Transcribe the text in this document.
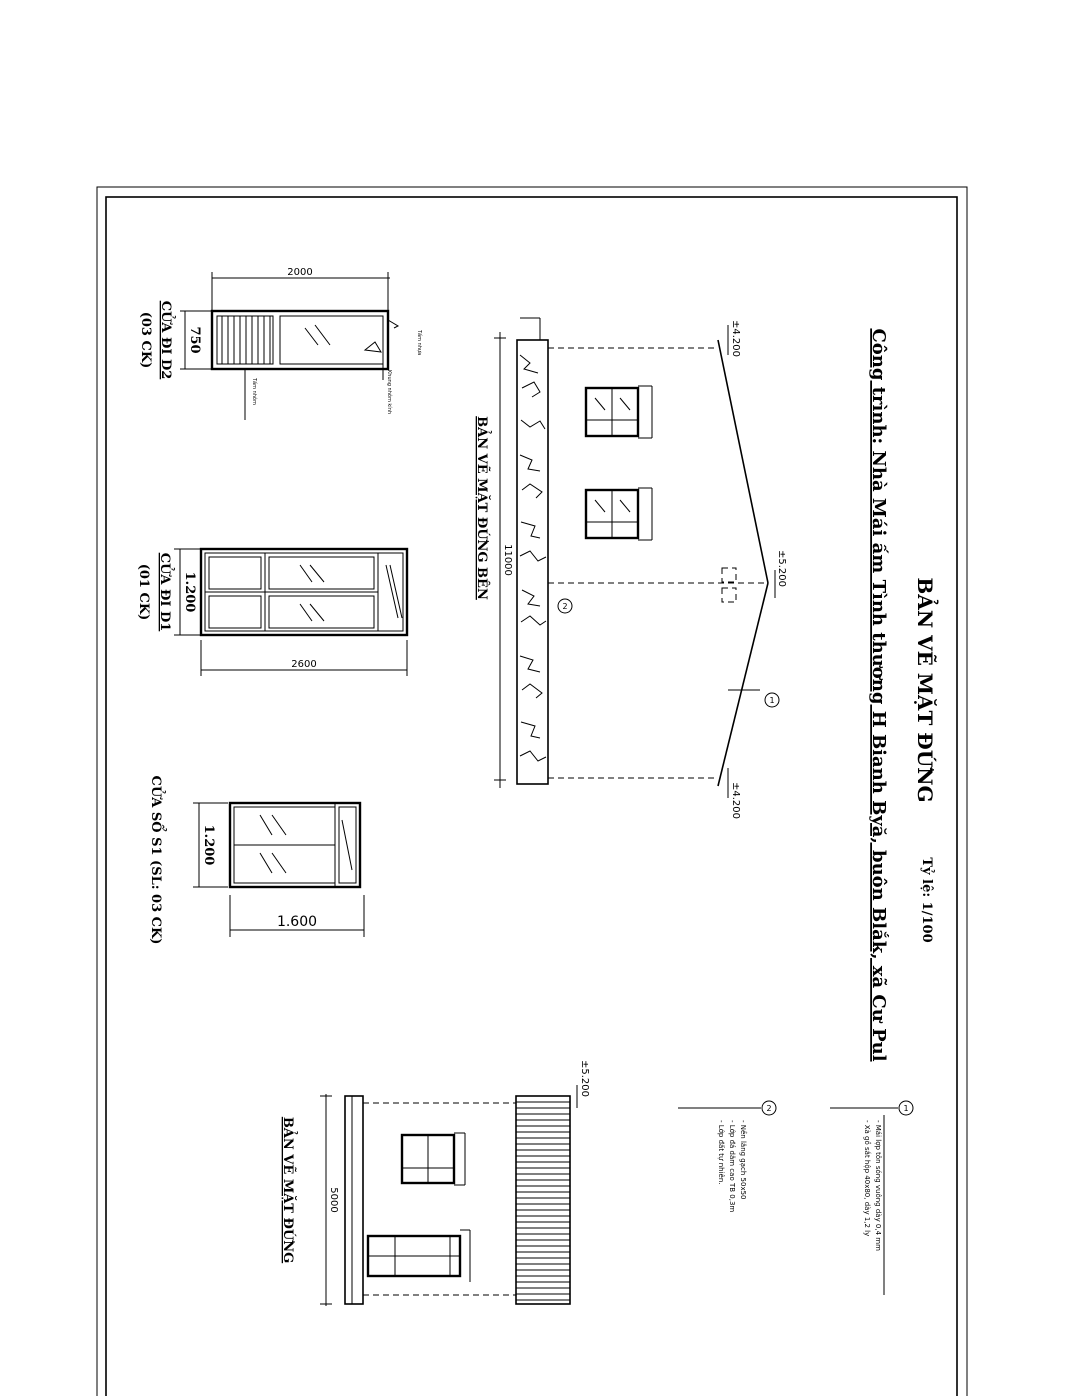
BẢN VẼ MẶT ĐỨNG
Công trình: Nhà Mái ấm Tình thương H Bianh Byă, buôn Blắk, xã Cư Pul Tỷ lệ: 1/100
±4.200
±5.200
±4.200
2
1
11000
BẢN VẼ MẶT ĐỨNG BÊN
2000
750
Tấm nhôm	Khung nhôm kính
Tấm nhựa
CỬA ĐI D2
(03 CK)
2600
1.200
CỬA ĐI D1
(01 CK)
1.600
1.200
CỬA SỔ S1 (SL: 03 CK)
±5.200
5000
BẢN VẼ MẶT ĐỨNG
1
- Mái lợp tôn sóng vuông dày 0,4 mm
- Xà gồ sắt hộp 40x80, dày 1,2 ly
2
- Nền lăng gạch 50x50
- Lớp đá dăm cao TB 0,3m
- Lớp đất tự nhiên.
